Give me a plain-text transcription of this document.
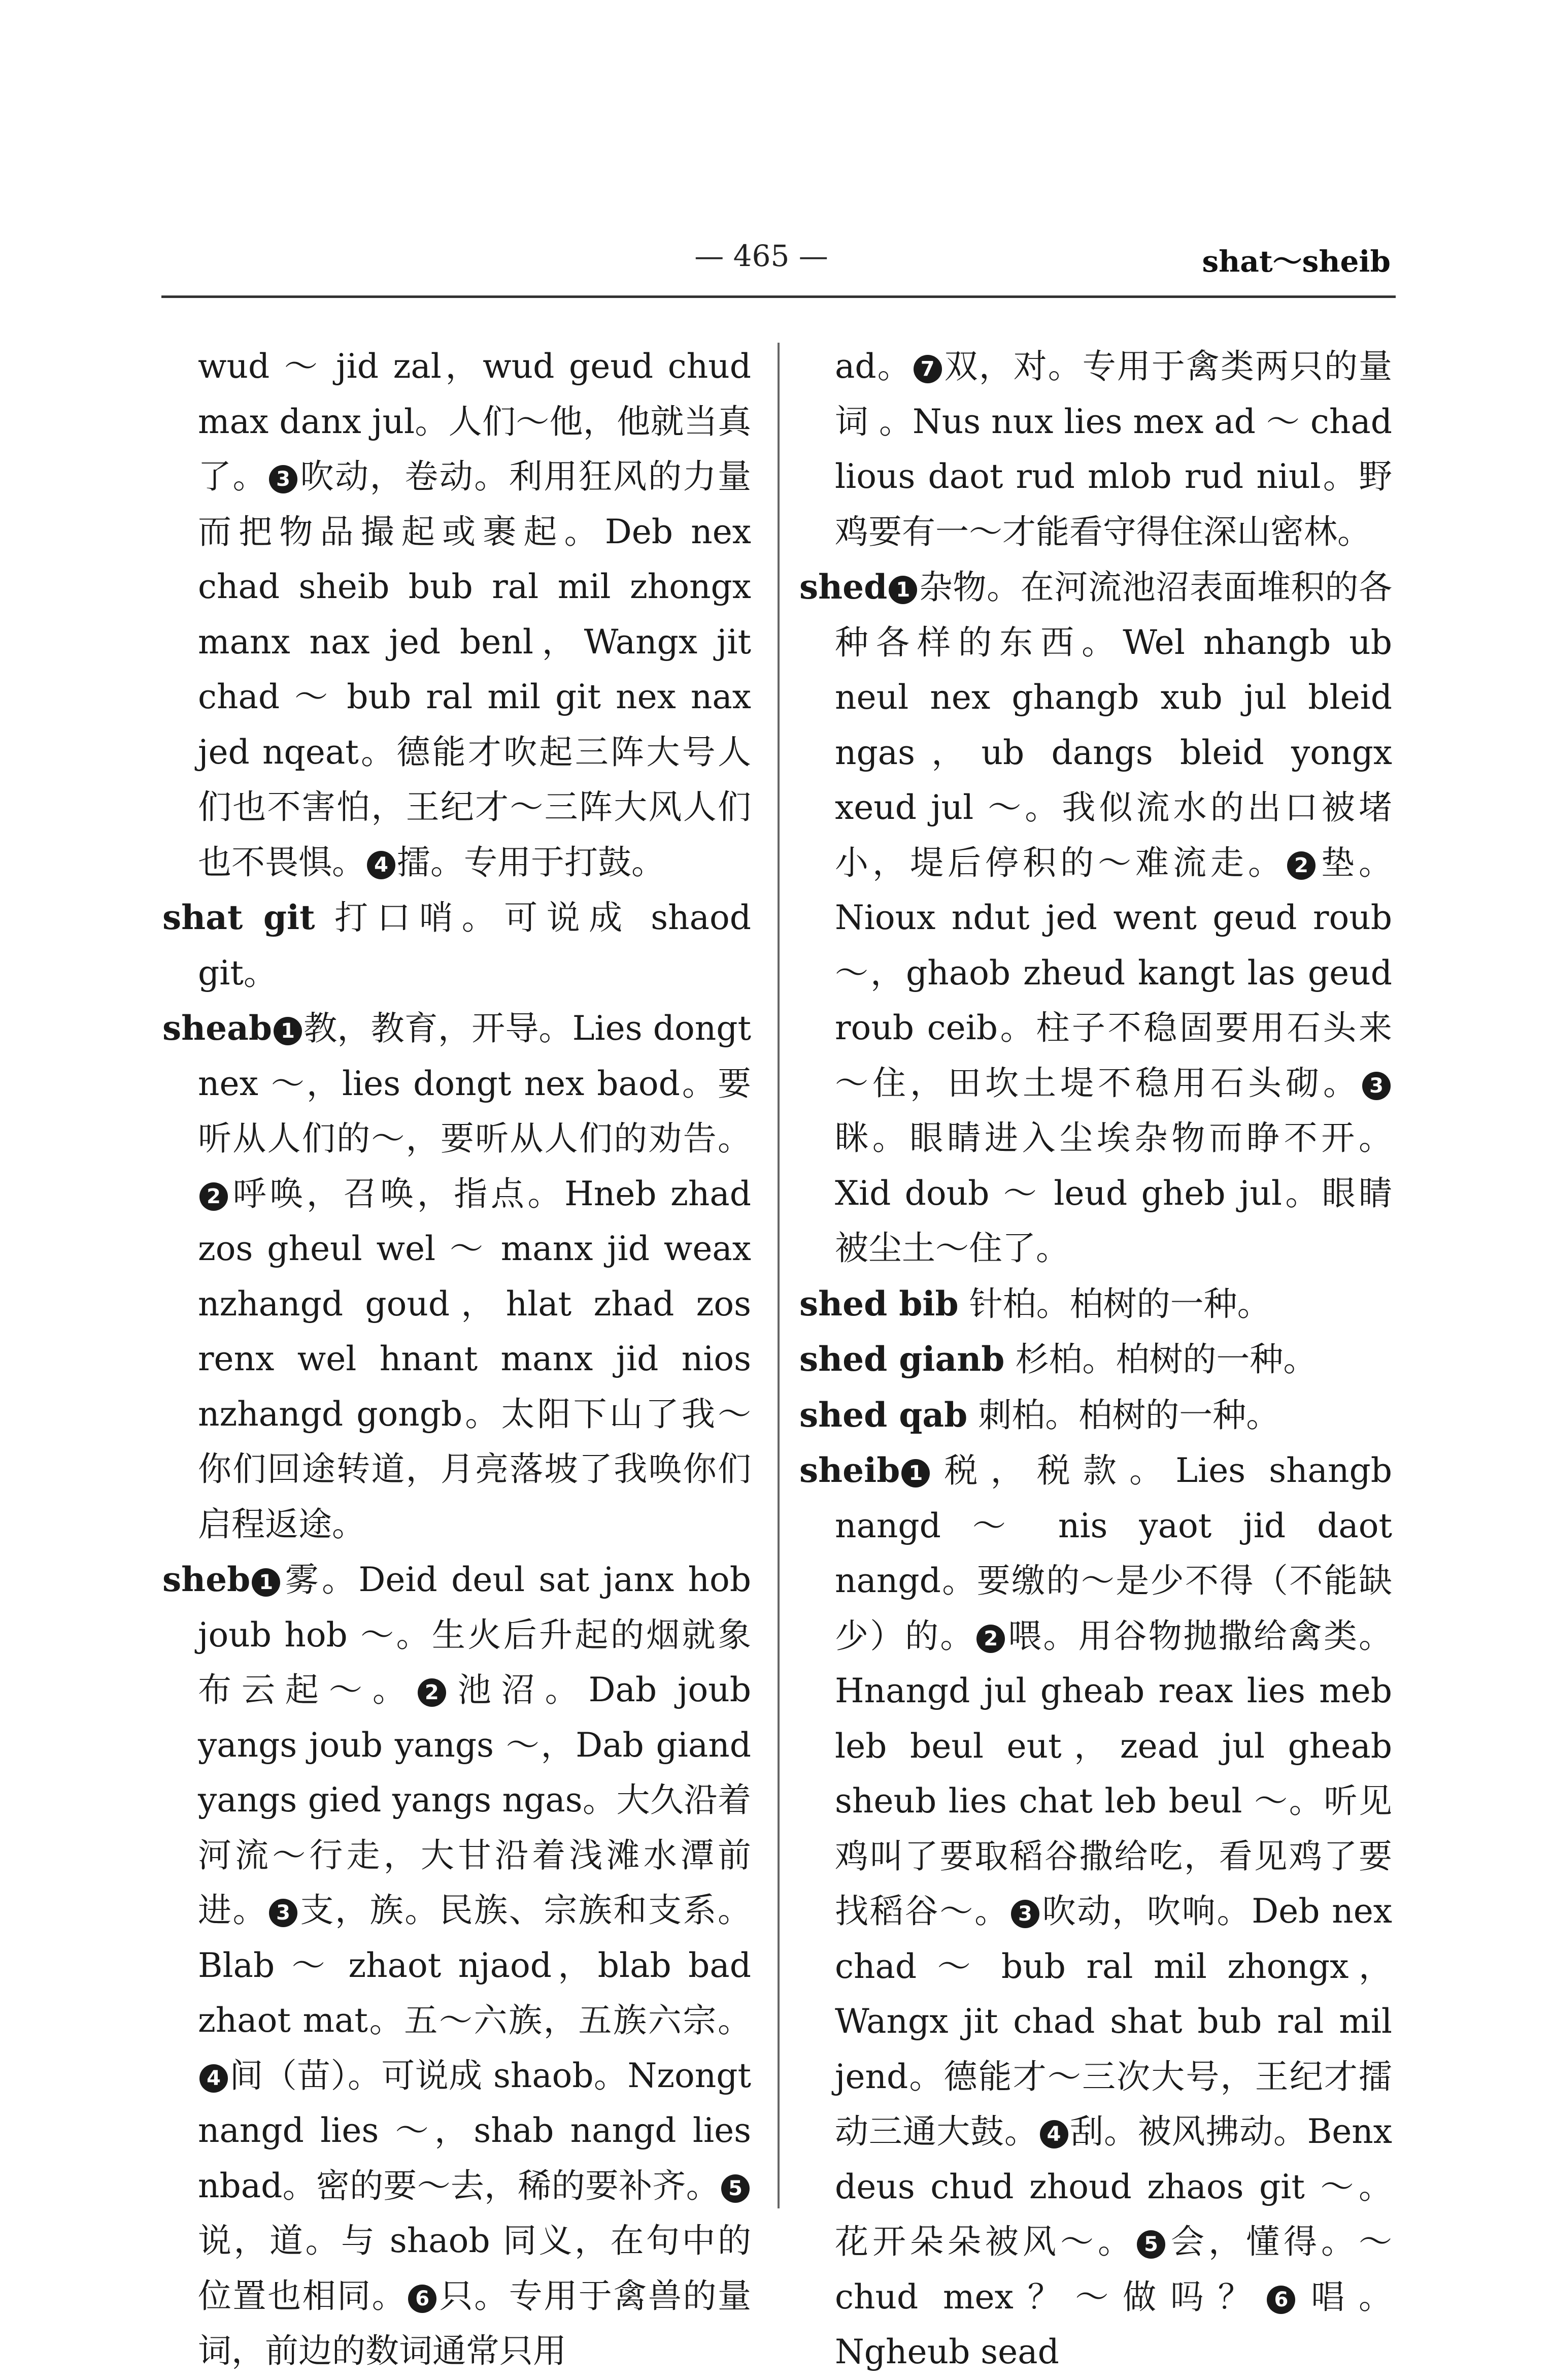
— 465 —	shat～sheib

wud ～ jid zal，wud geud chud max danx jul。人们～他，他就当真了。 3 吹动，卷动。利用狂风的力量而把物品撮起或裹起。Deb nex chad sheib bub ral mil zhongx manx nax jed benl，Wangx jit chad ～ bub ral mil git nex nax jed nqeat。德能才吹起三阵大号人们也不害怕，王纪才～三阵大风人们也不畏惧。 4 擂。专用于打鼓。

shat git 打口哨。可说成 shaod git。

sheab 1 教，教育，开导。Lies dongt nex ～，lies dongt nex baod。要听从人们的～，要听从人们的劝告。2 呼唤，召唤，指点。Hneb zhad zos gheul wel ～ manx jid weax nzhangd goud，hlat zhad zos renx wel hnant manx jid nios nzhangd gongb。太阳下山了我～你们回途转道，月亮落坡了我唤你们启程返途。

sheb 1 雾。Deid deul sat janx hob joub hob ～。生火后升起的烟就象布云起～。 2 池沼。Dab joub yangs joub yangs ～，Dab giand yangs gied yangs ngas。大久沿着河流～行走，大甘沿着浅滩水潭前进。 3 支，族。民族、宗族和支系。Blab ～ zhaot njaod，blab bad zhaot mat。五～六族，五族六宗。4 间（苗）。可说成 shaob。Nzongt nangd lies ～，shab nangd lies nbad。密的要～去，稀的要补齐。 5说，道。与 shaob 同义，在句中的位置也相同。 6 只。专用于禽兽的量词，前边的数词通常只用

ad。 7 双，对。专用于禽类两只的量词 。Nus nux lies mex ad ～ chad lious daot rud mlob rud niul。野鸡要有一～才能看守得住深山密林。

shed 1 杂物。在河流池沼表面堆积的各种各样的东西。Wel nhangb ub neul nex ghangb xub jul bleid ngas，ub dangs bleid yongx xeud jul ～。我似流水的出口被堵小，堤后停积的～难流走。 2 垫。Nioux ndut jed went geud roub ～，ghaob zheud kangt las geud roub ceib。柱子不稳固要用石头来～住，田坎土堤不稳用石头砌。 3眯。眼睛进入尘埃杂物而睁不开。Xid doub ～ leud gheb jul。眼睛被尘土～住了。

shed bib 针柏。柏树的一种。

shed gianb 杉柏。柏树的一种。

shed qab 刺柏。柏树的一种。

sheib 1 税，税款。Lies shangb nangd ～ nis yaot jid daot nangd。要缴的～是少不得（不能缺少）的。 2 喂。用谷物抛撒给禽类。Hnangd jul gheab reax lies meb leb beul eut，zead jul gheab sheub lies chat leb beul ～。听见鸡叫了要取稻谷撒给吃，看见鸡了要找稻谷～。 3 吹动，吹响。Deb nex chad ～ bub ral mil zhongx，Wangx jit chad shat bub ral mil jend。德能才～三次大号，王纪才擂动三通大鼓。 4 刮。被风拂动。Benx deus chud zhoud zhaos git ～。花开朵朵被风～。 5 会，懂得。～ chud mex？～做吗？ 6 唱。Ngheub sead
